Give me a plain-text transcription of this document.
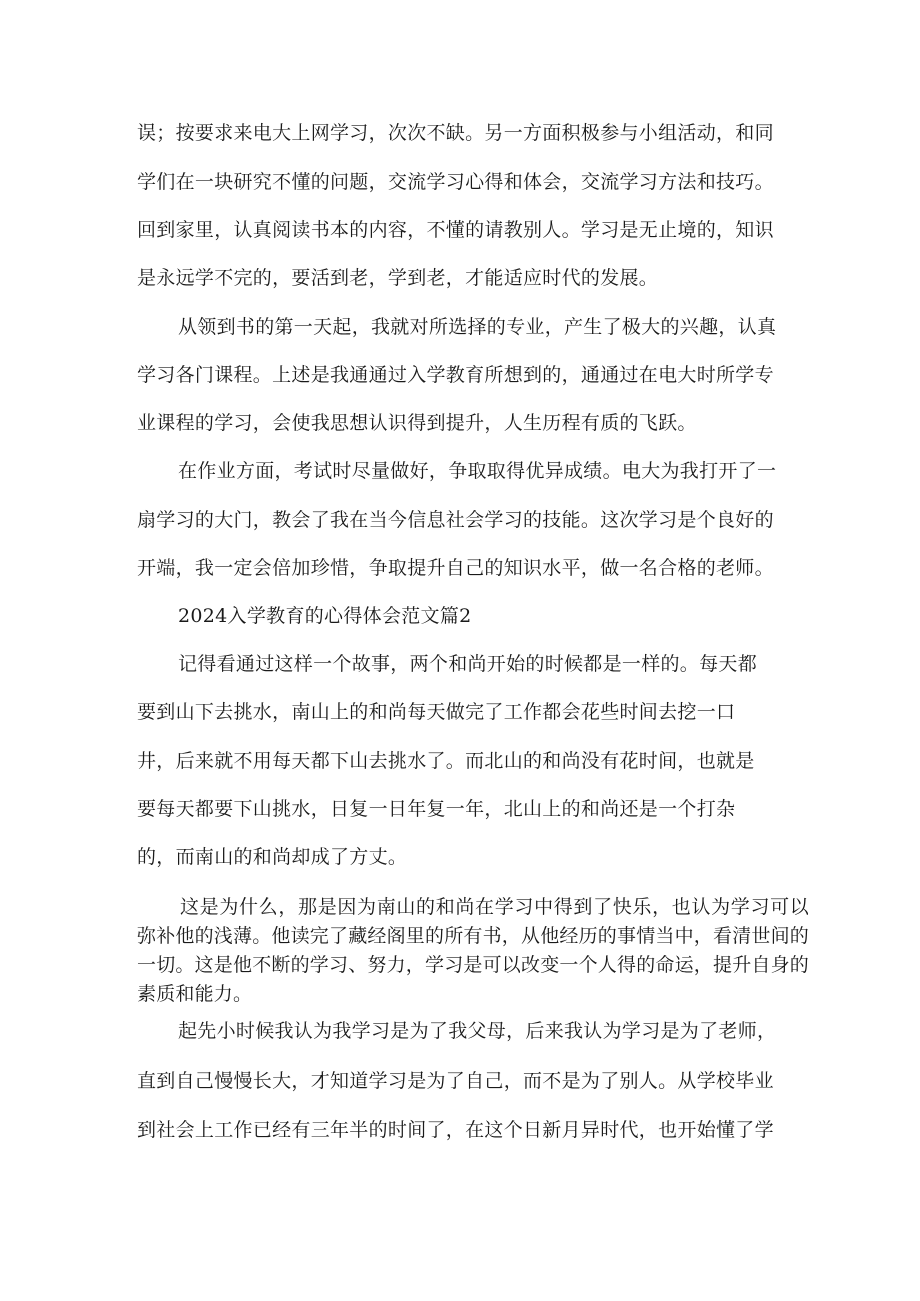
误；按要求来电大上网学习，次次不缺。另一方面积极参与小组活动，和同
学们在一块研究不懂的问题，交流学习心得和体会，交流学习方法和技巧。
回到家里，认真阅读书本的内容，不懂的请教别人。学习是无止境的，知识
是永远学不完的，要活到老，学到老，才能适应时代的发展。
从领到书的第一天起，我就对所选择的专业，产生了极大的兴趣，认真
学习各门课程。上述是我通通过入学教育所想到的，通通过在电大时所学专
业课程的学习，会使我思想认识得到提升，人生历程有质的飞跃。
在作业方面，考试时尽量做好，争取取得优异成绩。电大为我打开了一
扇学习的大门，教会了我在当今信息社会学习的技能。这次学习是个良好的
开端，我一定会倍加珍惜，争取提升自己的知识水平，做一名合格的老师。
2024入学教育的心得体会范文篇2
记得看通过这样一个故事，两个和尚开始的时候都是一样的。每天都
要到山下去挑水，南山上的和尚每天做完了工作都会花些时间去挖一口
井，后来就不用每天都下山去挑水了。而北山的和尚没有花时间，也就是
要每天都要下山挑水，日复一日年复一年，北山上的和尚还是一个打杂
的，而南山的和尚却成了方丈。

这是为什么，那是因为南山的和尚在学习中得到了快乐，也认为学习可以弥补他的浅薄。他读完了藏经阁里的所有书，从他经历的事情当中，看清世间的一切。这是他不断的学习、努力，学习是可以改变一个人得的命运，提升自身的素质和能力。

起先小时候我认为我学习是为了我父母，后来我认为学习是为了老师，
直到自己慢慢长大，才知道学习是为了自己，而不是为了别人。从学校毕业
到社会上工作已经有三年半的时间了，在这个日新月异时代，也开始懂了学
